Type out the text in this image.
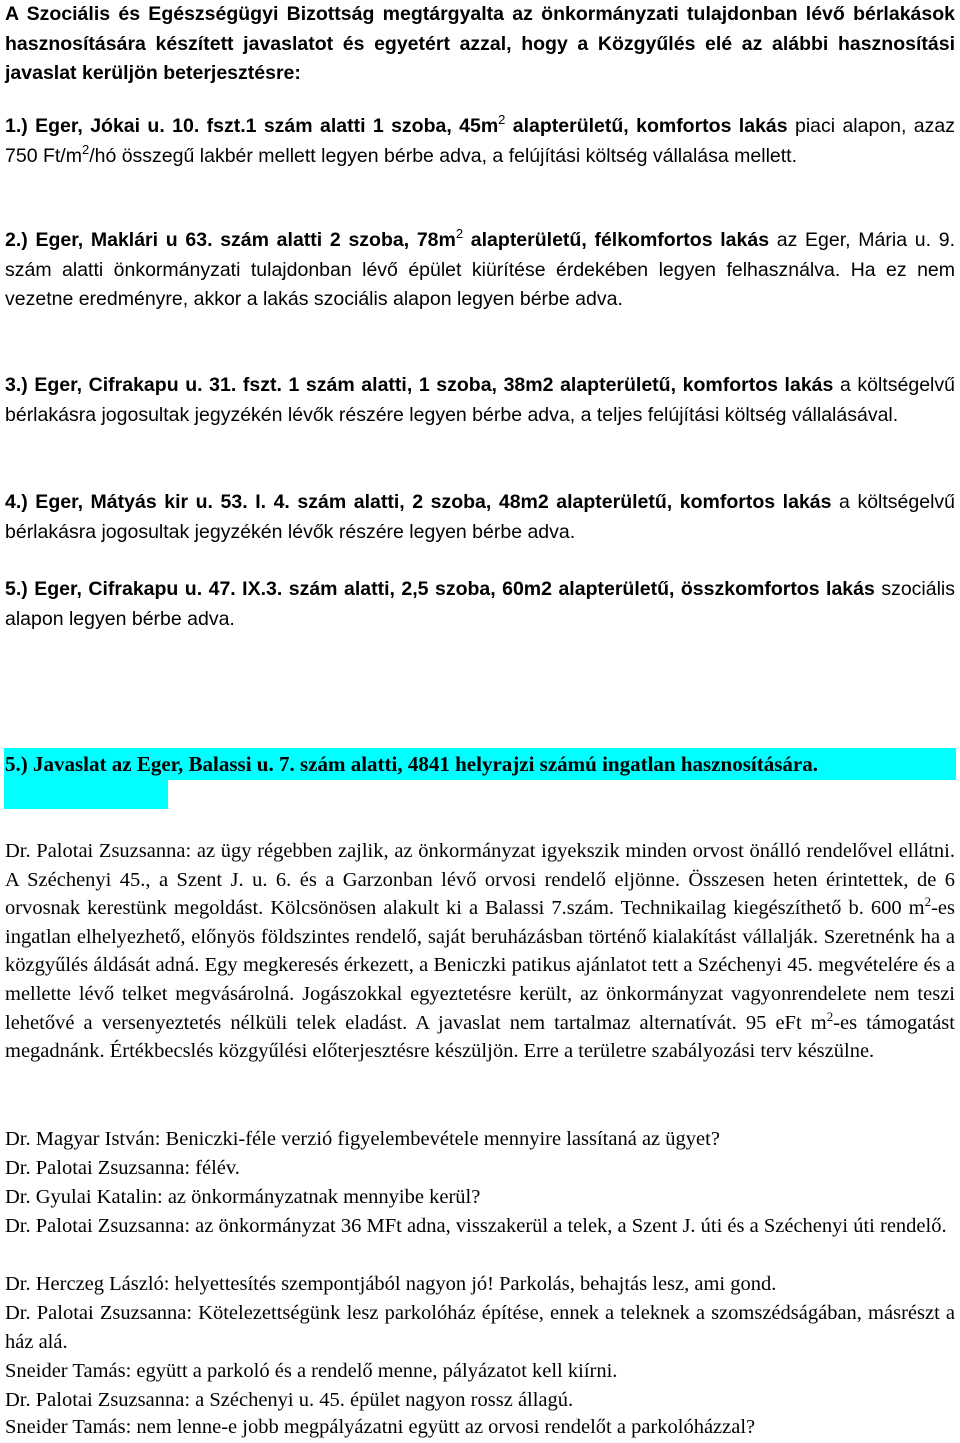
A Szociális és Egészségügyi Bizottság megtárgyalta az önkormányzati tulajdonban lévő bérlakások hasznosítására készített javaslatot és egyetért azzal, hogy a Közgyűlés elé az alábbi hasznosítási javaslat kerüljön beterjesztésre:

1.) Eger, Jókai u. 10. fszt.1 szám alatti 1 szoba, $45m^2$ alapterületű, komfortos lakás piaci alapon, azaz 750 $Ft/m^2/hó$ összegű lakbér mellett legyen bérbe adva, a felújítási költség vállalása mellett.

2.) Eger, Maklári u 63. szám alatti 2 szoba, $78m^2$ alapterületű, félkomfortos lakás az Eger, Mária u. 9. szám alatti önkormányzati tulajdonban lévő épület kiürítése érdekében legyen felhasználva. Ha ez nem vezetne eredményre, akkor a lakás szociális alapon legyen bérbe adva.

3.) Eger, Cifrakapu u. 31. fszt. 1 szám alatti, 1 szoba, 38m2 alapterületű, komfortos lakás a költségelvű bérlakásra jogosultak jegyzékén lévők részére legyen bérbe adva, a teljes felújítási költség vállalásával.

4.) Eger, Mátyás kir u. 53. I. 4. szám alatti, 2 szoba, 48m2 alapterületű, komfortos lakás a költségelvű bérlakásra jogosultak jegyzékén lévők részére legyen bérbe adva.

5.) Eger, Cifrakapu u. 47. IX.3. szám alatti, 2,5 szoba, 60m2 alapterületű, összkomfortos lakás szociális alapon legyen bérbe adva.

5.) Javaslat az Eger, Balassi u. 7. szám alatti, 4841 helyrajzi számú ingatlan hasznosítására.

Dr. Palotai Zsuzsanna: az ügy régebben zajlik, az önkormányzat igyekszik minden orvost önálló rendelővel ellátni. A Széchenyi 45., a Szent J. u. 6. és a Garzonban lévő orvosi rendelő eljönne. Összesen heten érintettek, de 6 orvosnak kerestünk megoldást. Kölcsönösen alakult ki a Balassi 7.szám. Technikailag kiegészíthető b. 600 $m^2-es$ ingatlan elhelyezhető, előnyös földszintes rendelő, saját beruházásban történő kialakítást vállalják. Szeretnénk ha a közgyűlés áldását adná. Egy megkeresés érkezett, a Beniczki patikus ajánlatot tett a Széchenyi 45. megvételére és a mellette lévő telket megvásárolná. Jogászokkal egyeztetésre került, az önkormányzat vagyonrendelete nem teszi lehetővé a versenyeztetés nélküli telek eladást. A javaslat nem tartalmaz alternatívát. 95 eFt $m^2-es$ támogatást megadnánk. Értékbecslés közgyűlési előterjesztésre készüljön. Erre a területre szabályozási terv készülne.

Dr. Magyar István: Beniczki-féle verzió figyelembevétele mennyire lassítaná az ügyet?

Dr. Palotai Zsuzsanna: félév.

Dr. Gyulai Katalin: az önkormányzatnak mennyibe kerül?

Dr. Palotai Zsuzsanna: az önkormányzat 36 MFt adna, visszakerül a telek, a Szent J. úti és a Széchenyi úti rendelő.

Dr. Herczeg László: helyettesítés szempontjából nagyon jó! Parkolás, behajtás lesz, ami gond.

Dr. Palotai Zsuzsanna: Kötelezettségünk lesz parkolóház építése, ennek a teleknek a szomszédságában, másrészt a ház alá.

Sneider Tamás: együtt a parkoló és a rendelő menne, pályázatot kell kiírni.

Dr. Palotai Zsuzsanna: a Széchenyi u. 45. épület nagyon rossz állagú.

Sneider Tamás: nem lenne-e jobb megpályázatni együtt az orvosi rendelőt a parkolóházzal?
